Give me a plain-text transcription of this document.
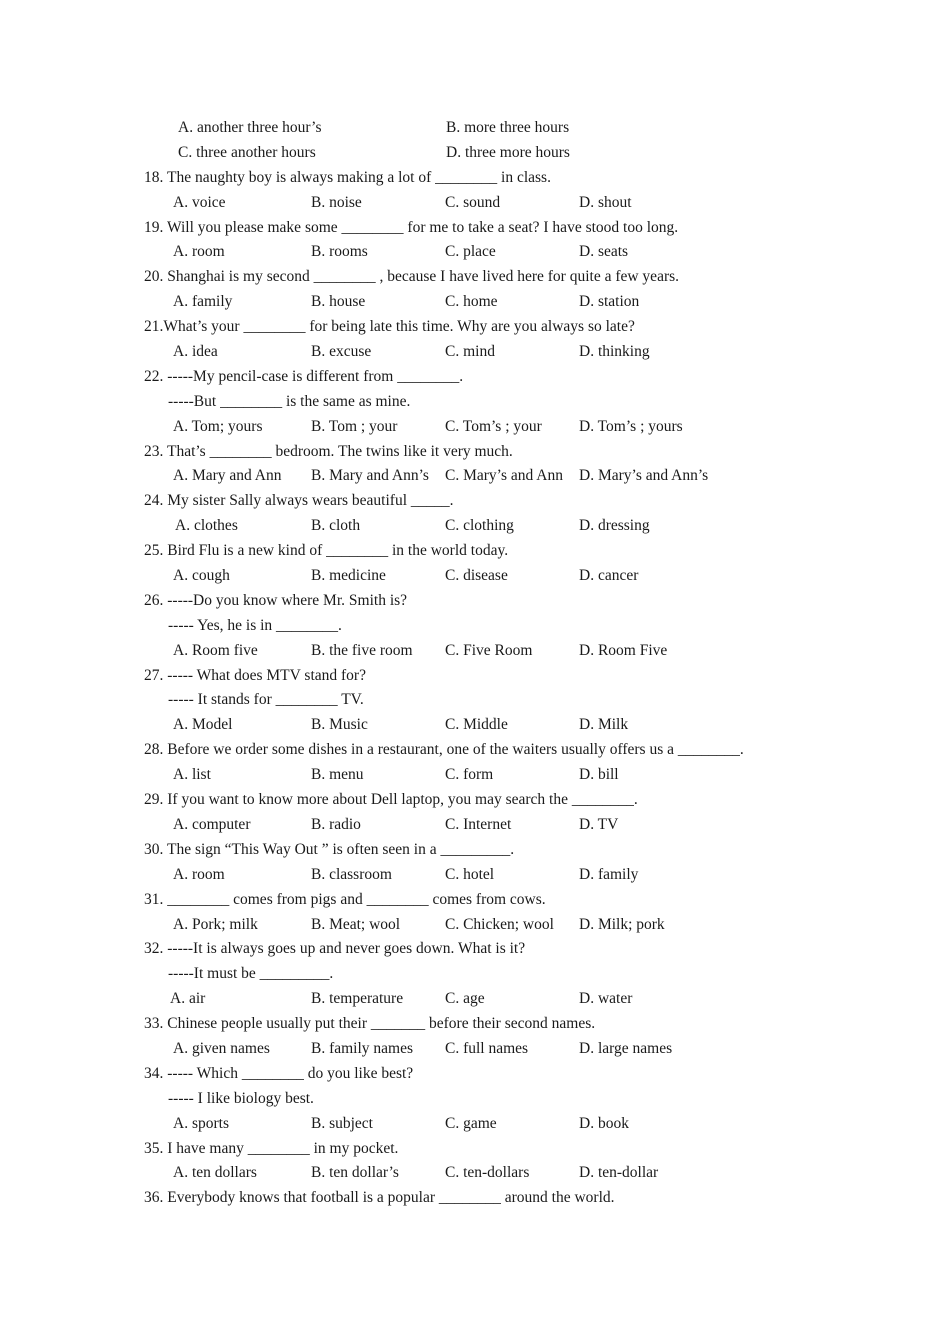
A. another three hour’s	B. more three hours
C. three another hours	D. three more hours
18. The naughty boy is always making a lot of ________ in class.
A. voice	B. noise	C. sound	D. shout
19. Will you please make some ________ for me to take a seat? I have stood too long.
A. room	B. rooms	C. place	D. seats
20. Shanghai is my second ________ , because I have lived here for quite a few years.
A. family	B. house	C. home	D. station
21.What’s your ________ for being late this time. Why are you always so late?
A. idea	B. excuse	C. mind	D. thinking
22. -----My pencil-case is different from ________.
-----But ________ is the same as mine.
A. Tom; yours	B. Tom ; your	C. Tom’s ; your D. Tom’s ; yours
23. That’s ________ bedroom. The twins like it very much.
A. Mary and Ann B. Mary and Ann’s C. Mary’s and Ann D. Mary’s and Ann’s
24. My sister Sally always wears beautiful _____.
A. clothes	B. cloth	C. clothing	D. dressing
25. Bird Flu is a new kind of ________ in the world today.
A. cough	B. medicine	C. disease	D. cancer
26. -----Do you know where Mr. Smith is?
----- Yes, he is in ________.
A. Room five	B. the five room C. Five Room	D. Room Five
27. ----- What does MTV stand for?
----- It stands for ________ TV.
A. Model	B. Music	C. Middle	D. Milk
28. Before we order some dishes in a restaurant, one of the waiters usually offers us a ________.
A. list	B. menu	C. form	D. bill
29. If you want to know more about Dell laptop, you may search the ________.
A. computer	B. radio	C. Internet	D. TV
30. The sign “This Way Out ” is often seen in a _________.
A. room	B. classroom	C. hotel	D. family
31. ________ comes from pigs and ________ comes from cows.
A. Pork; milk	B. Meat; wool	C. Chicken; wool D. Milk; pork
32. -----It is always goes up and never goes down. What is it?
-----It must be _________.
A. air	B. temperature	C. age	D. water
33. Chinese people usually put their _______ before their second names.
A. given names	B. family names C. full names	D. large names
34. ----- Which ________ do you like best?
----- I like biology best.
A. sports	B. subject	C. game	D. book
35. I have many ________ in my pocket.
A. ten dollars	B. ten dollar’s	C. ten-dollars	D. ten-dollar
36. Everybody knows that football is a popular ________ around the world.
